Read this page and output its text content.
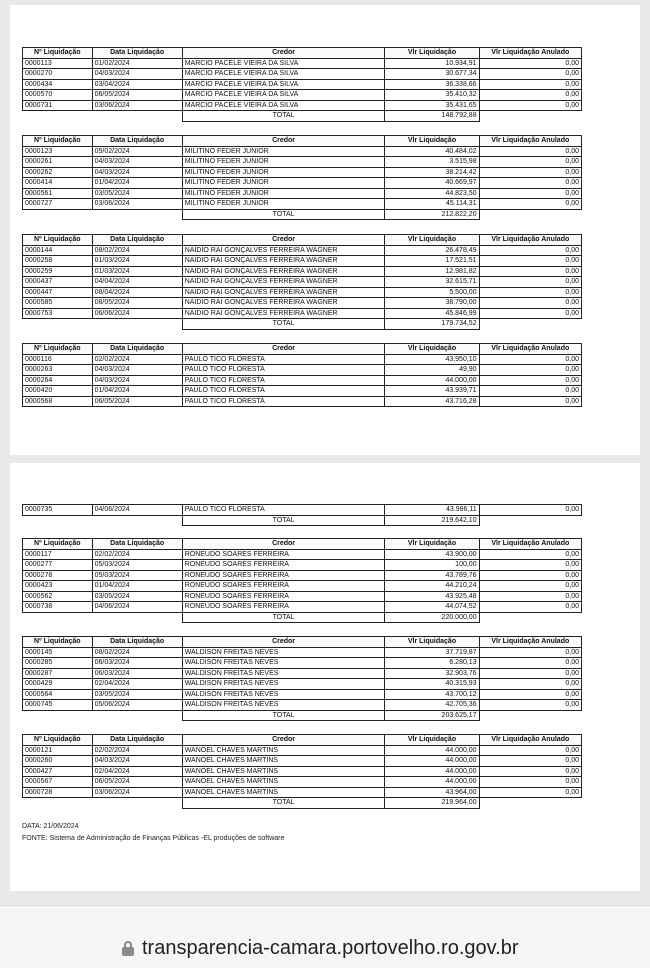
Nº Liquidação	Data Liquidação	Credor	Vlr Liquidação	Vlr Liquidação Anulado
0000113	01/02/2024	MARCIO PACELE VIEIRA DA SILVA	10.934,91	0,00
0000270	04/03/2024	MARCIO PACELE VIEIRA DA SILVA	30.677,34	0,00
0000434	03/04/2024	MARCIO PACELE VIEIRA DA SILVA	36.338,66	0,00
0000570	06/05/2024	MARCIO PACELE VIEIRA DA SILVA	35.410,32	0,00
0000731	03/06/2024	MARCIO PACELE VIEIRA DA SILVA	35.431,65	0,00
		TOTAL	148.792,88	
Nº Liquidação	Data Liquidação	Credor	Vlr Liquidação	Vlr Liquidação Anulado
0000123	05/02/2024	MILITINO FEDER JUNIOR	40.484,02	0,00
0000261	04/03/2024	MILITINO FEDER JUNIOR	3.515,98	0,00
0000262	04/03/2024	MILITINO FEDER JUNIOR	38.214,42	0,00
0000414	01/04/2024	MILITINO FEDER JUNIOR	40.669,97	0,00
0000561	03/05/2024	MILITINO FEDER JUNIOR	44.823,50	0,00
0000727	03/06/2024	MILITINO FEDER JUNIOR	45.114,31	0,00
		TOTAL	212.822,20	
Nº Liquidação	Data Liquidação	Credor	Vlr Liquidação	Vlr Liquidação Anulado
0000144	08/02/2024	NAIDIO RAI GONÇALVES FERREIRA WAGNER	26.478,49	0,00
0000258	01/03/2024	NAIDIO RAI GONÇALVES FERREIRA WAGNER	17.521,51	0,00
0000259	01/03/2024	NAIDIO RAI GONÇALVES FERREIRA WAGNER	12.981,82	0,00
0000437	04/04/2024	NAIDIO RAI GONÇALVES FERREIRA WAGNER	32.615,71	0,00
0000447	08/04/2024	NAIDIO RAI GONÇALVES FERREIRA WAGNER	5.500,00	0,00
0000585	08/05/2024	NAIDIO RAI GONÇALVES FERREIRA WAGNER	38.790,00	0,00
0000753	06/06/2024	NAIDIO RAI GONÇALVES FERREIRA WAGNER	45.846,99	0,00
		TOTAL	179.734,52	
Nº Liquidação	Data Liquidação	Credor	Vlr Liquidação	Vlr Liquidação Anulado
0000116	02/02/2024	PAULO TICO FLORESTA	43.950,10	0,00
0000263	04/03/2024	PAULO TICO FLORESTA	49,90	0,00
0000264	04/03/2024	PAULO TICO FLORESTA	44.000,00	0,00
0000420	01/04/2024	PAULO TICO FLORESTA	43.939,71	0,00
0000568	06/05/2024	PAULO TICO FLORESTA	43.716,28	0,00
DATA: 21/06/2024
FONTE: Sistema de Administração de Finanças Públicas -EL produções de software
0000735	04/06/2024	PAULO TICO FLORESTA	43.986,11	0,00
		TOTAL	219.642,10	
Nº Liquidação	Data Liquidação	Credor	Vlr Liquidação	Vlr Liquidação Anulado
0000117	02/02/2024	RONEUDO SOARES FERREIRA	43.900,00	0,00
0000277	05/03/2024	RONEUDO SOARES FERREIRA	100,00	0,00
0000278	05/03/2024	RONEUDO SOARES FERREIRA	43.789,76	0,00
0000423	01/04/2024	RONEUDO SOARES FERREIRA	44.210,24	0,00
0000562	03/05/2024	RONEUDO SOARES FERREIRA	43.925,48	0,00
0000738	04/06/2024	RONEUDO SOARES FERREIRA	44.074,52	0,00
		TOTAL	220.000,00	
Nº Liquidação	Data Liquidação	Credor	Vlr Liquidação	Vlr Liquidação Anulado
0000145	08/02/2024	WALDISON FREITAS NEVES	37.719,87	0,00
0000285	06/03/2024	WALDISON FREITAS NEVES	6.280,13	0,00
0000287	06/03/2024	WALDISON FREITAS NEVES	32.903,76	0,00
0000429	02/04/2024	WALDISON FREITAS NEVES	40.315,93	0,00
0000564	03/05/2024	WALDISON FREITAS NEVES	43.700,12	0,00
0000745	05/06/2024	WALDISON FREITAS NEVES	42.705,36	0,00
		TOTAL	203.625,17	
Nº Liquidação	Data Liquidação	Credor	Vlr Liquidação	Vlr Liquidação Anulado
0000121	02/02/2024	WANOEL CHAVES MARTINS	44.000,00	0,00
0000260	04/03/2024	WANOEL CHAVES MARTINS	44.000,00	0,00
0000427	02/04/2024	WANOEL CHAVES MARTINS	44.000,00	0,00
0000567	06/05/2024	WANOEL CHAVES MARTINS	44.000,00	0,00
0000728	03/06/2024	WANOEL CHAVES MARTINS	43.964,00	0,00
		TOTAL	219.964,00	
transparencia-camara.portovelho.ro.gov.br
